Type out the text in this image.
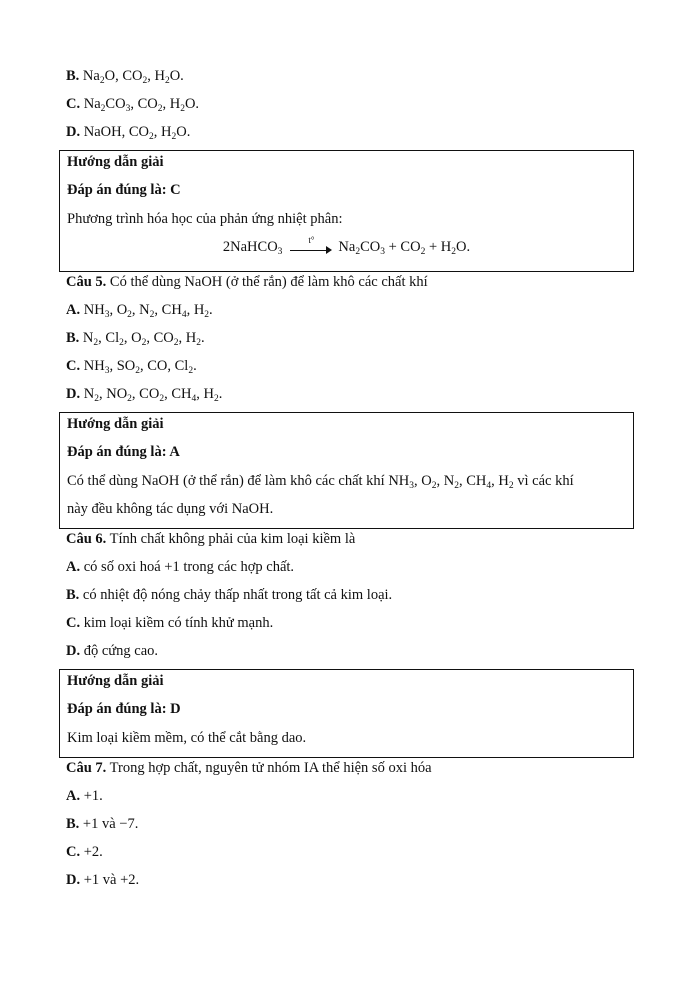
B. $Na_2O$, $CO_2$, $H_2O$.
C. $Na_2CO_3$, $CO_2$, $H_2O$.
D. NaOH, $CO_2$, $H_2O$.
Hướng dẫn giải
Đáp án đúng là: C
Phương trình hóa học của phản ứng nhiệt phân:
2NaHCO$_3$
t°	$Na_2CO_3 + CO_2 + H_2O$.
Câu 5. Có thể dùng NaOH (ở thể rắn) để làm khô các chất khí
A. $NH_3$, $O_2$, $N_2$, $CH_4$, $H_2$.
B. $N_2$, $Cl_2$, $O_2$, $CO_2$, $H_2$.
C. $NH_3$, $SO_2$, CO, $Cl_2$.
D. $N_2$, $NO_2$, $CO_2$, $CH_4$, $H_2$.
Hướng dẫn giải
Đáp án đúng là: A
Có thể dùng NaOH (ở thể rắn) để làm khô các chất khí $NH_3$, $O_2$, $N_2$, $CH_4$, $H_2$ vì các khí
này đều không tác dụng với NaOH.
Câu 6. Tính chất không phải của kim loại kiềm là
A. có số oxi hoá +1 trong các hợp chất.
B. có nhiệt độ nóng chảy thấp nhất trong tất cả kim loại.
C. kim loại kiềm có tính khử mạnh.
D. độ cứng cao.
Hướng dẫn giải
Đáp án đúng là: D
Kim loại kiềm mềm, có thể cắt bằng dao.
Câu 7. Trong hợp chất, nguyên tử nhóm IA thể hiện số oxi hóa
A. +1.
B. +1 và −7.
C. +2.
D. +1 và +2.
